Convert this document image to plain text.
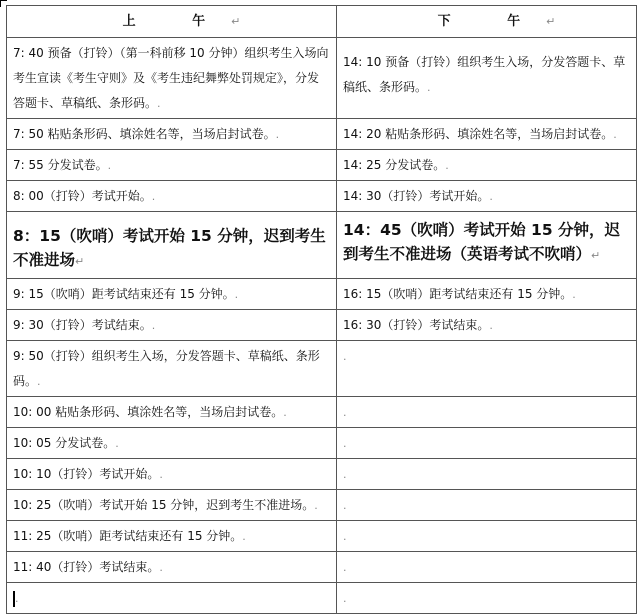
上 午↵	下 午↵
7: 40 预备（打铃）（第一科前移 10 分钟）组织考生入场向考生宣读《考生守则》及《考生违纪舞弊处罚规定》，分发答题卡、草稿纸、条形码。.	14: 10 预备（打铃）组织考生入场，分发答题卡、草稿纸、条形码。.
7: 50 粘贴条形码、填涂姓名等，当场启封试卷。.	14: 20 粘贴条形码、填涂姓名等，当场启封试卷。.
7: 55 分发试卷。.	14: 25 分发试卷。.
8: 00（打铃）考试开始。.	14: 30（打铃）考试开始。.
8：15（吹哨）考试开始 15 分钟，迟到考生不准进场↵	14：45（吹哨）考试开始 15 分钟，迟到考生不准进场（英语考试不吹哨）↵
9: 15（吹哨）距考试结束还有 15 分钟。.	16: 15（吹哨）距考试结束还有 15 分钟。.
9: 30（打铃）考试结束。.	16: 30（打铃）考试结束。.
9: 50（打铃）组织考生入场，分发答题卡、草稿纸、条形码。.	.
10: 00 粘贴条形码、填涂姓名等，当场启封试卷。.	.
10: 05 分发试卷。.	.
10: 10（打铃）考试开始。.	.
10: 25（吹哨）考试开始 15 分钟，迟到考生不准进场。.	.
11: 25（吹哨）距考试结束还有 15 分钟。.	.
11: 40（打铃）考试结束。.	.
.	.
